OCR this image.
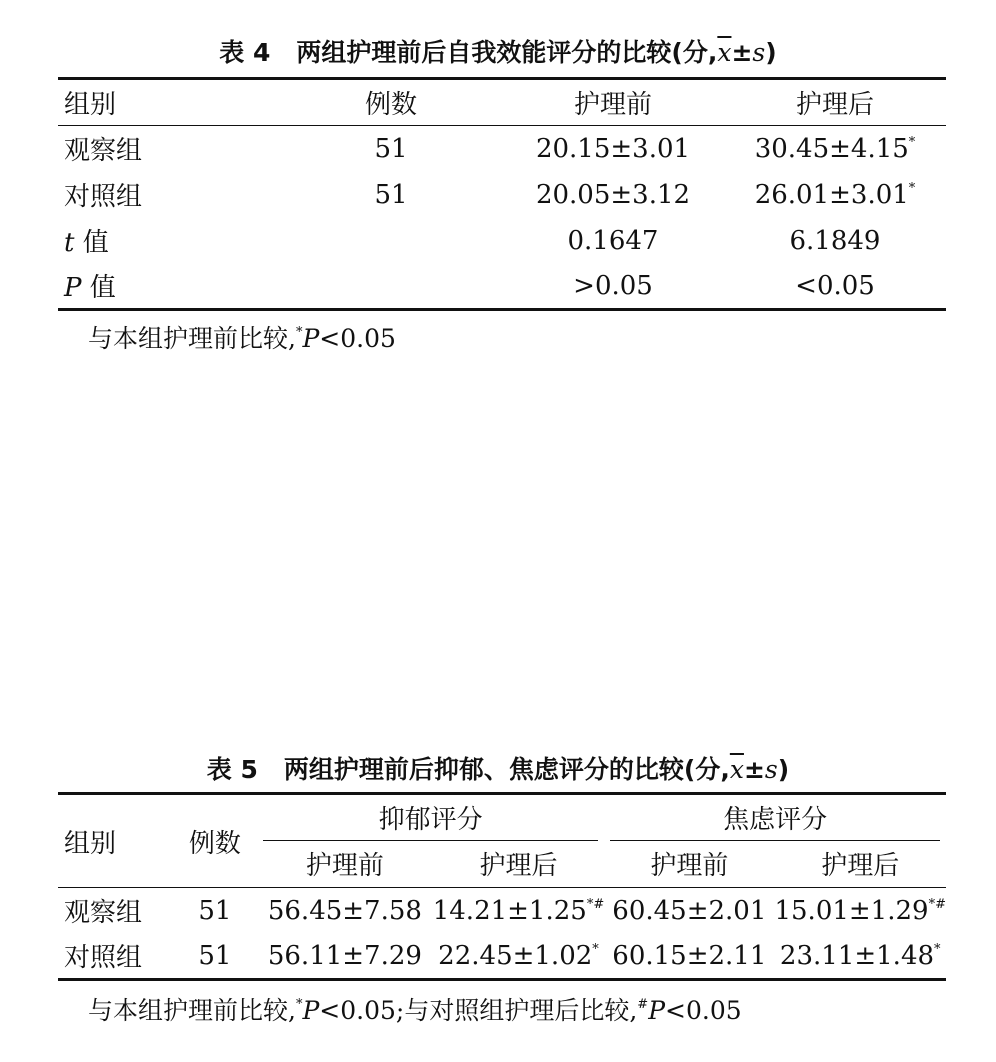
表 4 两组护理前后自我效能评分的比较(分$,\overline{x}\pm s$)
组别	例数	护理前	护理后
观察组	51	20.15±3.01	30.45±4.15*
对照组	51	20.05±3.12	26.01±3.01*
t 值		0.1647	6.1849
P 值		>0.05	<0.05
与本组护理前比较,*P<0.05
表 5 两组护理前后抑郁、焦虑评分的比较(分$,\overline{x}\pm s$)
组别	例数	抑郁评分		焦虑评分	
		护理前	护理后	护理前	护理后
观察组	51	56.45±7.58	14.21±1.25*#	60.45±2.01	15.01±1.29*#
对照组	51	56.11±7.29	22.45±1.02*	60.15±2.11	23.11±1.48*
与本组护理前比较,*P<0.05;与对照组护理后比较,#P<0.05
